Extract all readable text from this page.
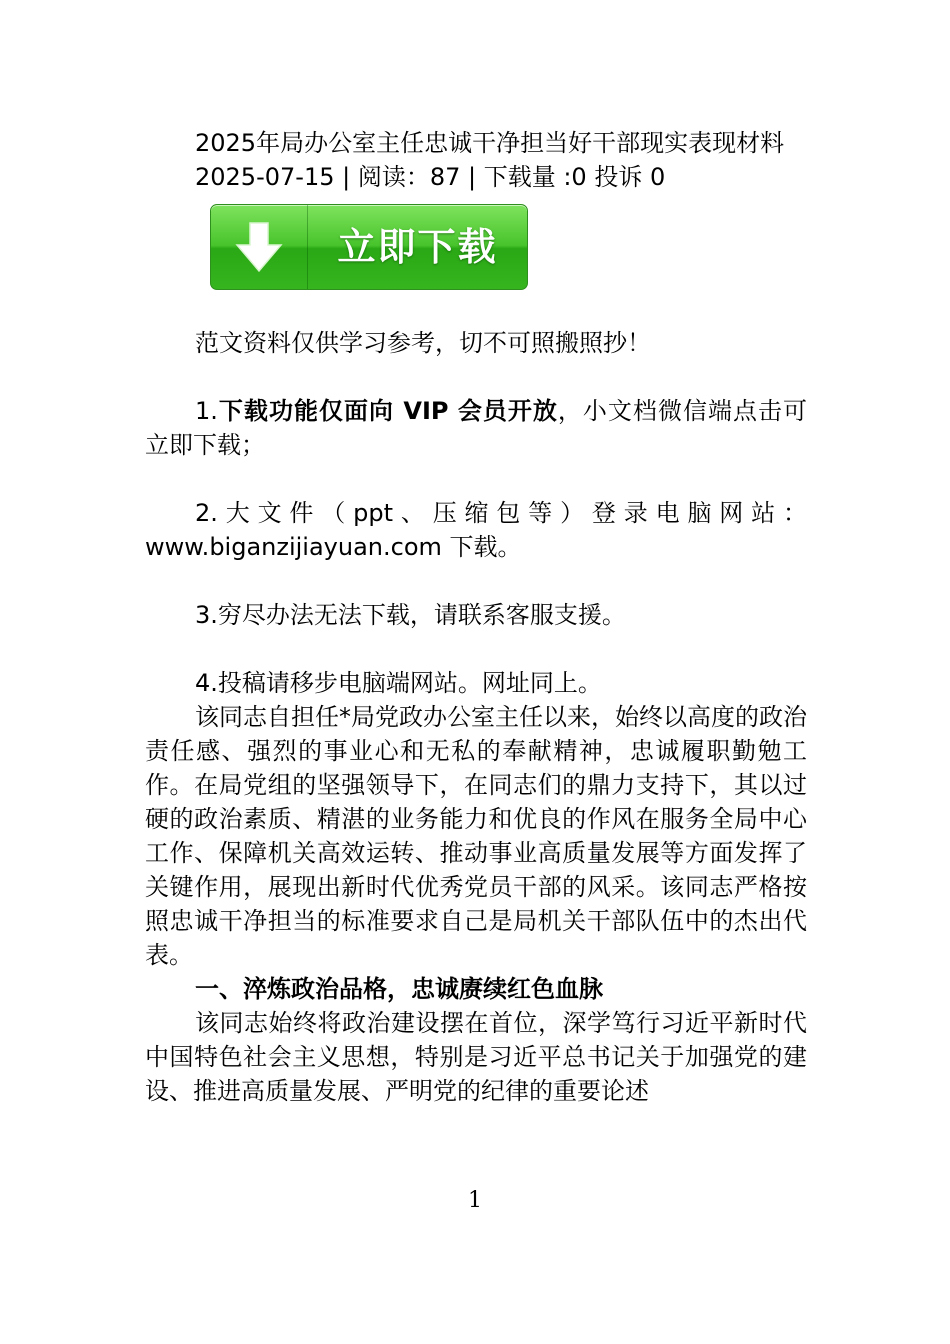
2025年局办公室主任忠诚干净担当好干部现实表现材料

2025-07-15 | 阅读：87 | 下载量 :0 投诉 0

立即下载

范文资料仅供学习参考，切不可照搬照抄！

1.下载功能仅面向 VIP 会员开放，小文档微信端点击可立即下载；

2.大文件（ppt、压缩包等）登录电脑网站：

www.biganzijiayuan.com 下载。

3.穷尽办法无法下载，请联系客服支援。

4.投稿请移步电脑端网站。网址同上。

该同志自担任*局党政办公室主任以来，始终以高度的政治责任感、强烈的事业心和无私的奉献精神，忠诚履职勤勉工作。在局党组的坚强领导下，在同志们的鼎力支持下，其以过硬的政治素质、精湛的业务能力和优良的作风在服务全局中心工作、保障机关高效运转、推动事业高质量发展等方面发挥了关键作用，展现出新时代优秀党员干部的风采。该同志严格按照忠诚干净担当的标准要求自己是局机关干部队伍中的杰出代表。

一、淬炼政治品格，忠诚赓续红色血脉

该同志始终将政治建设摆在首位，深学笃行习近平新时代中国特色社会主义思想，特别是习近平总书记关于加强党的建设、推进高质量发展、严明党的纪律的重要论述

1
